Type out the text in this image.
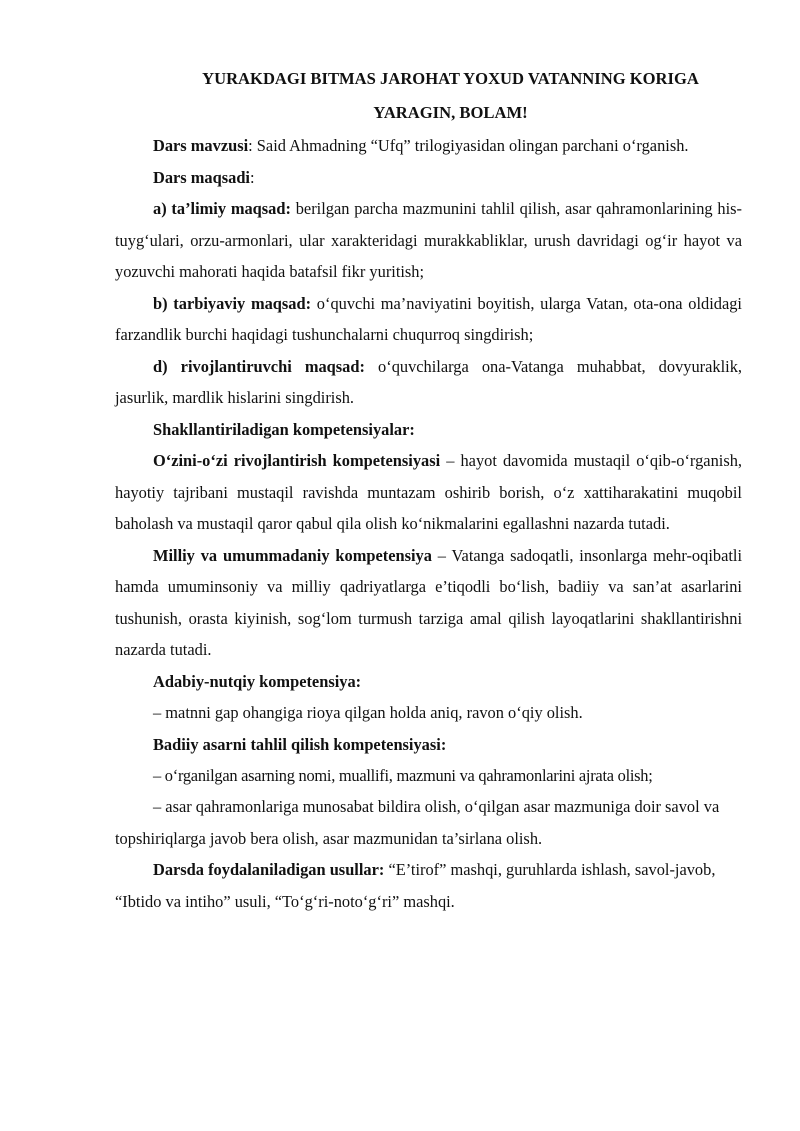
YURAKDAGI BITMAS JAROHAT YOXUD VATANNING KORIGA
YARAGIN, BOLAM!

Dars mavzusi: Said Ahmadning “Ufq” trilogiyasidan olingan parchani o‘rganish.

Dars maqsadi:

a) ta’limiy maqsad: berilgan parcha mazmunini tahlil qilish, asar qahramonlarining his-tuyg‘ulari, orzu-armonlari, ular xarakteridagi murakkabliklar, urush davridagi og‘ir hayot va yozuvchi mahorati haqida batafsil fikr yuritish;

b) tarbiyaviy maqsad: o‘quvchi ma’naviyatini boyitish, ularga Vatan, ota-ona oldidagi farzandlik burchi haqidagi tushunchalarni chuqurroq singdirish;

d) rivojlantiruvchi maqsad: o‘quvchilarga ona-Vatanga muhabbat, dovyuraklik, jasurlik, mardlik hislarini singdirish.

Shakllantiriladigan kompetensiyalar:

O‘zini-o‘zi rivojlantirish kompetensiyasi – hayot davomida mustaqil o‘qib-o‘rganish, hayotiy tajribani mustaqil ravishda muntazam oshirib borish, o‘z xattiharakatini muqobil baholash va mustaqil qaror qabul qila olish ko‘nikmalarini egallashni nazarda tutadi.

Milliy va umummadaniy kompetensiya – Vatanga sadoqatli, insonlarga mehr-oqibatli hamda umuminsoniy va milliy qadriyatlarga e’tiqodli bo‘lish, badiiy va san’at asarlarini tushunish, orasta kiyinish, sog‘lom turmush tarziga amal qilish layoqatlarini shakllantirishni nazarda tutadi.

Adabiy-nutqiy kompetensiya:

– matnni gap ohangiga rioya qilgan holda aniq, ravon o‘qiy olish.

Badiiy asarni tahlil qilish kompetensiyasi:

– o‘rganilgan asarning nomi, muallifi, mazmuni va qahramonlarini ajrata olish;

– asar qahramonlariga munosabat bildira olish, o‘qilgan asar mazmuniga doir savol va topshiriqlarga javob bera olish, asar mazmunidan ta’sirlana olish.

Darsda foydalaniladigan usullar: “E’tirof” mashqi, guruhlarda ishlash, savol-javob, “Ibtido va intiho” usuli, “To‘g‘ri-noto‘g‘ri” mashqi.
